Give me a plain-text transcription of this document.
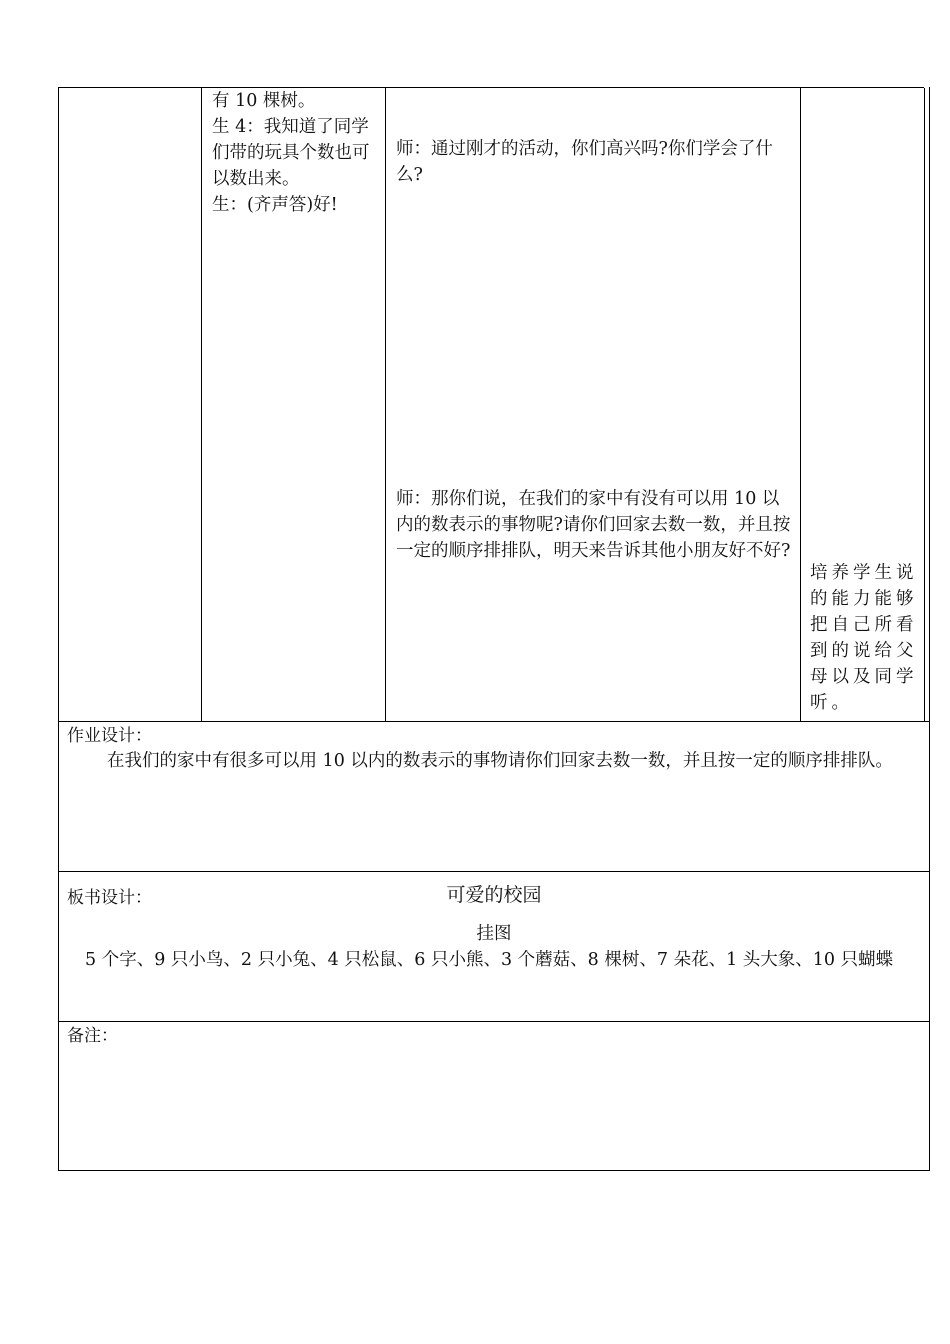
有 10 棵树。
生 4：我知道了同学们带的玩具个数也可以数出来。
生：(齐声答)好!
师：通过刚才的活动，你们高兴吗?你们学会了什么?
师：那你们说，在我们的家中有没有可以用 10 以内的数表示的事物呢?请你们回家去数一数，并且按一定的顺序排排队，明天来告诉其他小朋友好不好?
培养学生说的能力能够把自己所看到的说给父母以及同学听。
作业设计：
在我们的家中有很多可以用 10 以内的数表示的事物请你们回家去数一数，并且按一定的顺序排排队。
板书设计：	可爱的校园
挂图
5 个字、9 只小鸟、2 只小兔、4 只松鼠、6 只小熊、3 个蘑菇、8 棵树、7 朵花、1 头大象、10 只蝴蝶
备注：
